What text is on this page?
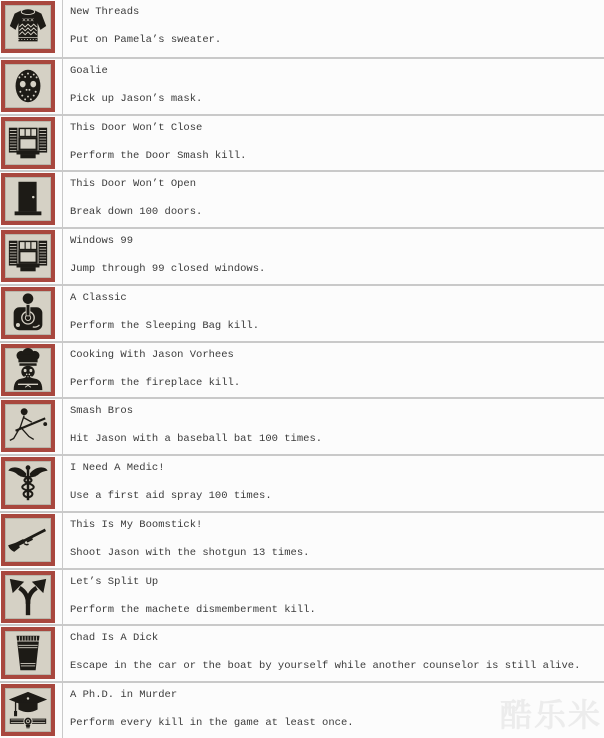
×××
New Threads
Put on Pamela’s sweater.
Goalie
Pick up Jason’s mask.
This Door Won’t Close
Perform the Door Smash kill.
This Door Won’t Open
Break down 100 doors.
Windows 99
Jump through 99 closed windows.
A Classic
Perform the Sleeping Bag kill.
Cooking With Jason Vorhees
Perform the fireplace kill.
Smash Bros
Hit Jason with a baseball bat 100 times.
I Need A Medic!
Use a first aid spray 100 times.
This Is My Boomstick!
Shoot Jason with the shotgun 13 times.
Let’s Split Up
Perform the machete dismemberment kill.
Chad Is A Dick
Escape in the car or the boat by yourself while another counselor is still alive.
A Ph.D. in Murder
Perform every kill in the game at least once.	酷乐米
